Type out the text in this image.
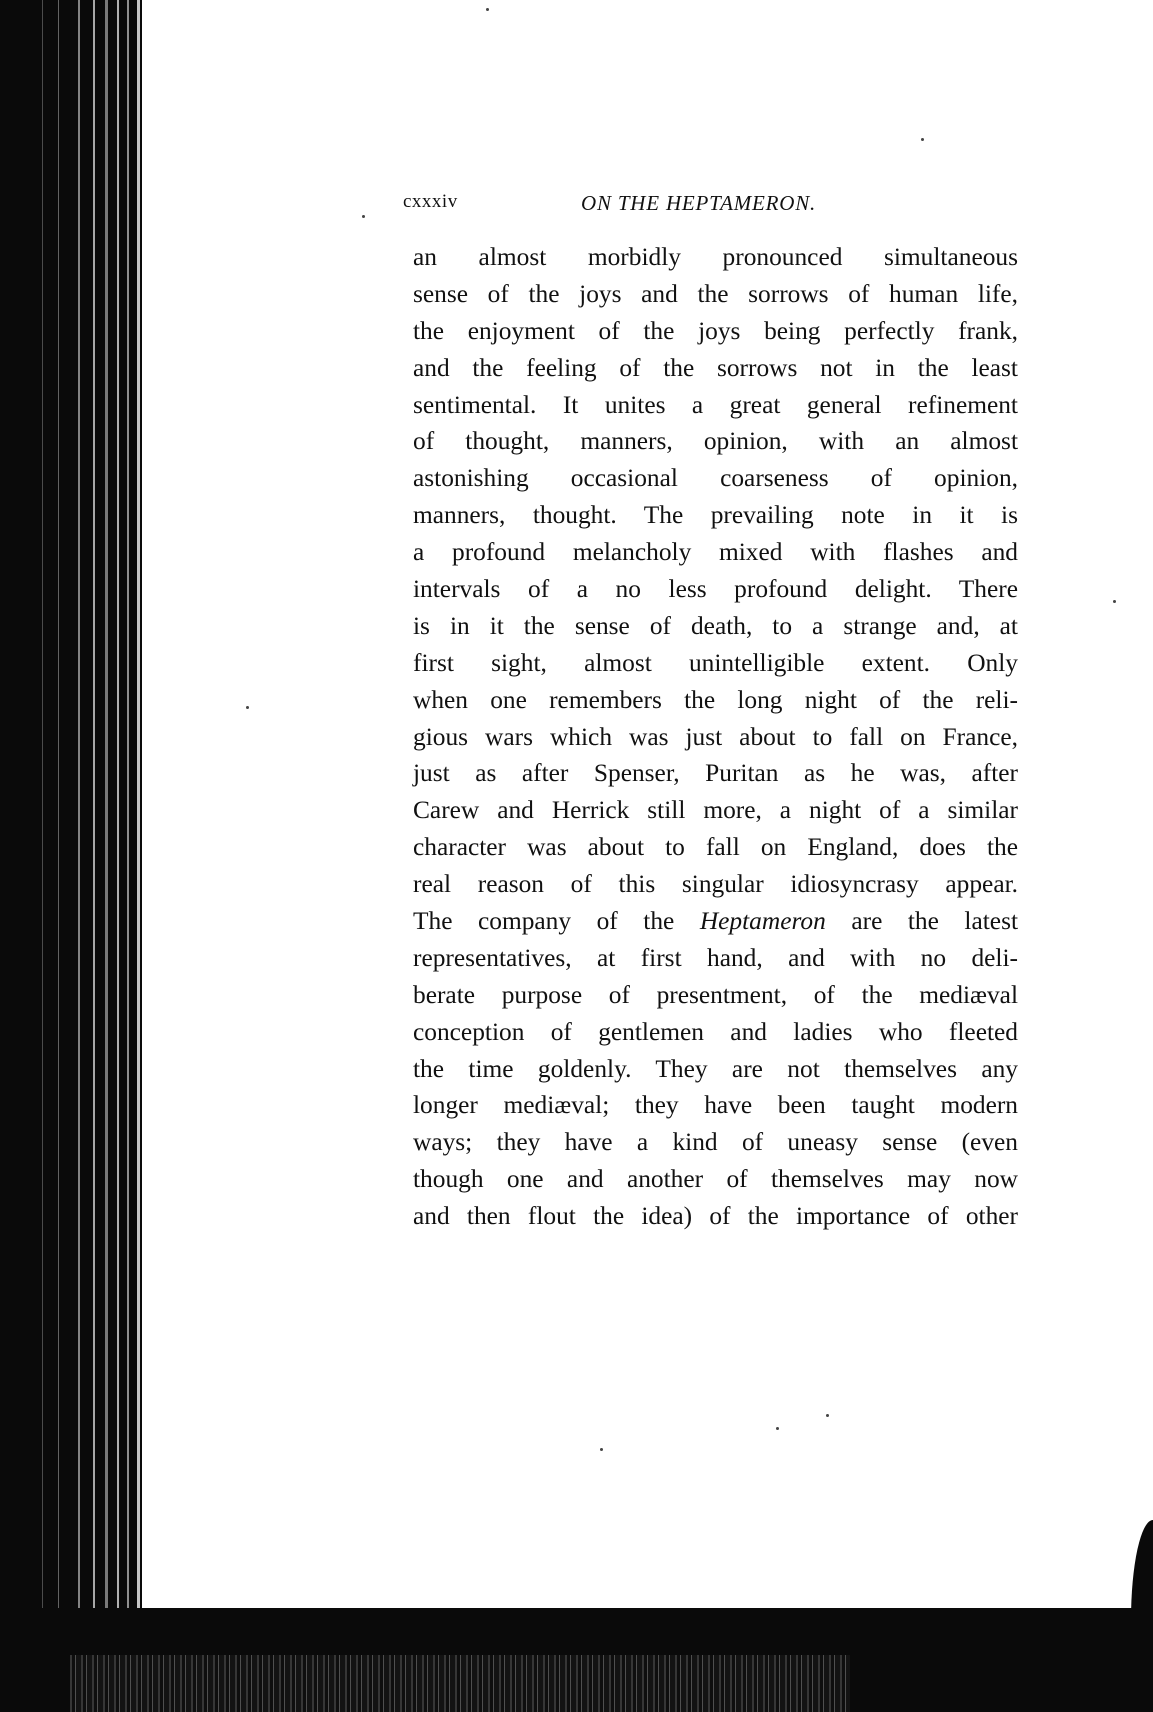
cxxxiv	ON THE HEPTAMERON.
an almost morbidly pronounced simultaneous
sense of the joys and the sorrows of human life,
the enjoyment of the joys being perfectly frank,
and the feeling of the sorrows not in the least
sentimental. It unites a great general refinement
of thought, manners, opinion, with an almost
astonishing occasional coarseness of opinion,
manners, thought. The prevailing note in it is
a profound melancholy mixed with flashes and
intervals of a no less profound delight. There
is in it the sense of death, to a strange and, at
first sight, almost unintelligible extent. Only
when one remembers the long night of the reli-
gious wars which was just about to fall on France,
just as after Spenser, Puritan as he was, after
Carew and Herrick still more, a night of a similar
character was about to fall on England, does the
real reason of this singular idiosyncrasy appear.
The company of the Heptameron are the latest
representatives, at first hand, and with no deli-
berate purpose of presentment, of the mediæval
conception of gentlemen and ladies who fleeted
the time goldenly. They are not themselves any
longer mediæval; they have been taught modern
ways; they have a kind of uneasy sense (even
though one and another of themselves may now
and then flout the idea) of the importance of other
